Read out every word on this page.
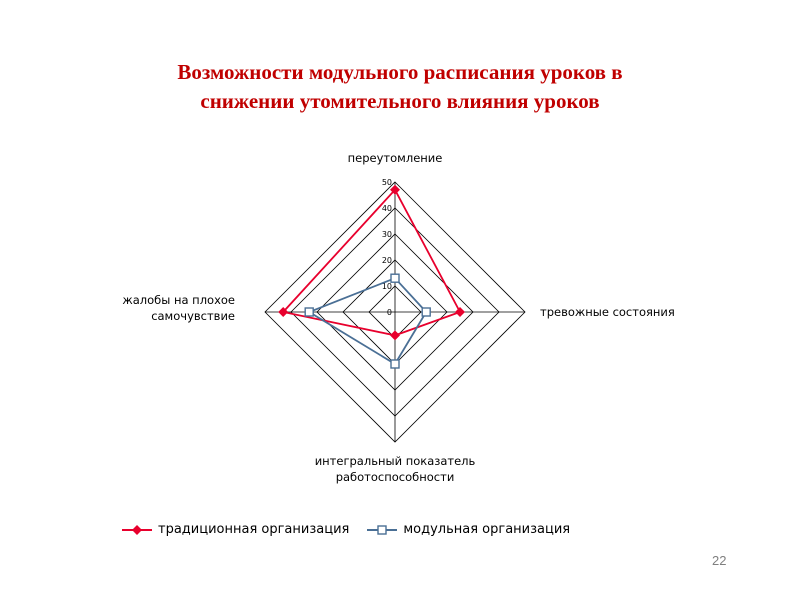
Возможности модульного расписания уроков в
снижении утомительного влияния уроков
0
10
20
30
40
50
переутомление
тревожные состояния
интегральный показатель
работоспособности
жалобы на плохое
самочувствие
традиционная организация	модульная организация
22
